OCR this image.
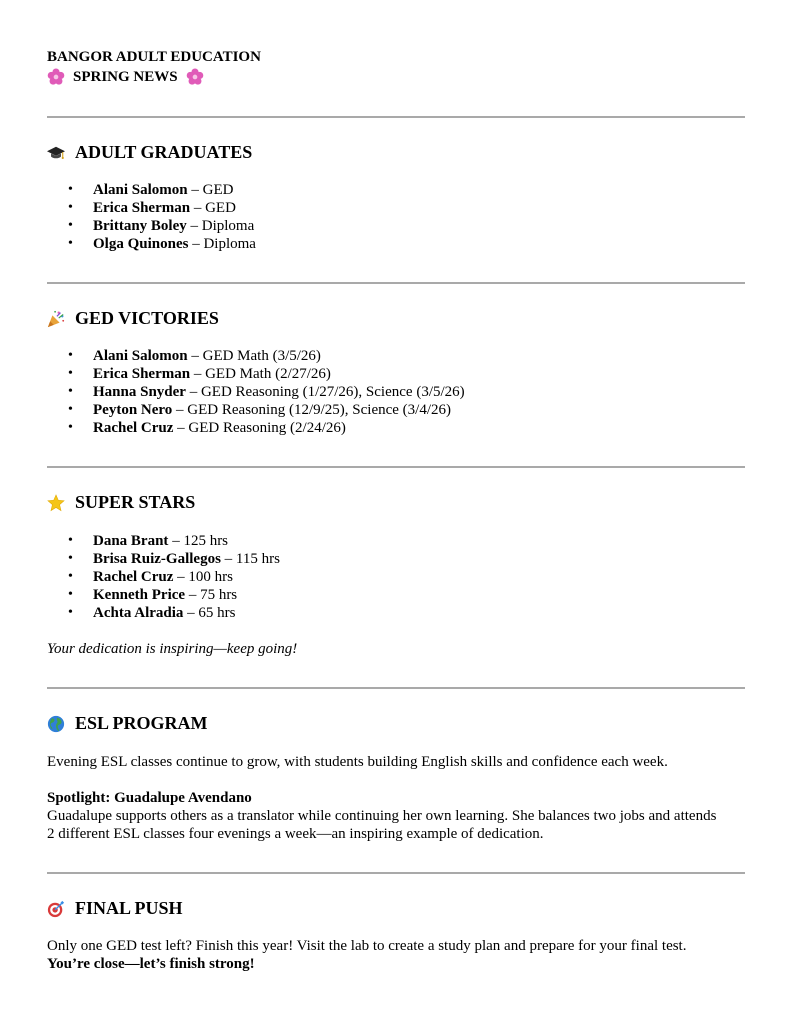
BANGOR ADULT EDUCATION
SPRING NEWS
ADULT GRADUATES
• Alani Salomon – GED
• Erica Sherman – GED
• Brittany Boley – Diploma
• Olga Quinones – Diploma
GED VICTORIES
• Alani Salomon – GED Math (3/5/26)
• Erica Sherman – GED Math (2/27/26)
• Hanna Snyder – GED Reasoning (1/27/26), Science (3/5/26)
• Peyton Nero – GED Reasoning (12/9/25), Science (3/4/26)
• Rachel Cruz – GED Reasoning (2/24/26)
SUPER STARS
• Dana Brant – 125 hrs
• Brisa Ruiz-Gallegos – 115 hrs
• Rachel Cruz – 100 hrs
• Kenneth Price – 75 hrs
• Achta Alradia – 65 hrs
Your dedication is inspiring—keep going!
ESL PROGRAM
Evening ESL classes continue to grow, with students building English skills and confidence each week.
Spotlight: Guadalupe Avendano
Guadalupe supports others as a translator while continuing her own learning. She balances two jobs and attends
2 different ESL classes four evenings a week—an inspiring example of dedication.
FINAL PUSH
Only one GED test left? Finish this year! Visit the lab to create a study plan and prepare for your final test.
You’re close—let’s finish strong!
